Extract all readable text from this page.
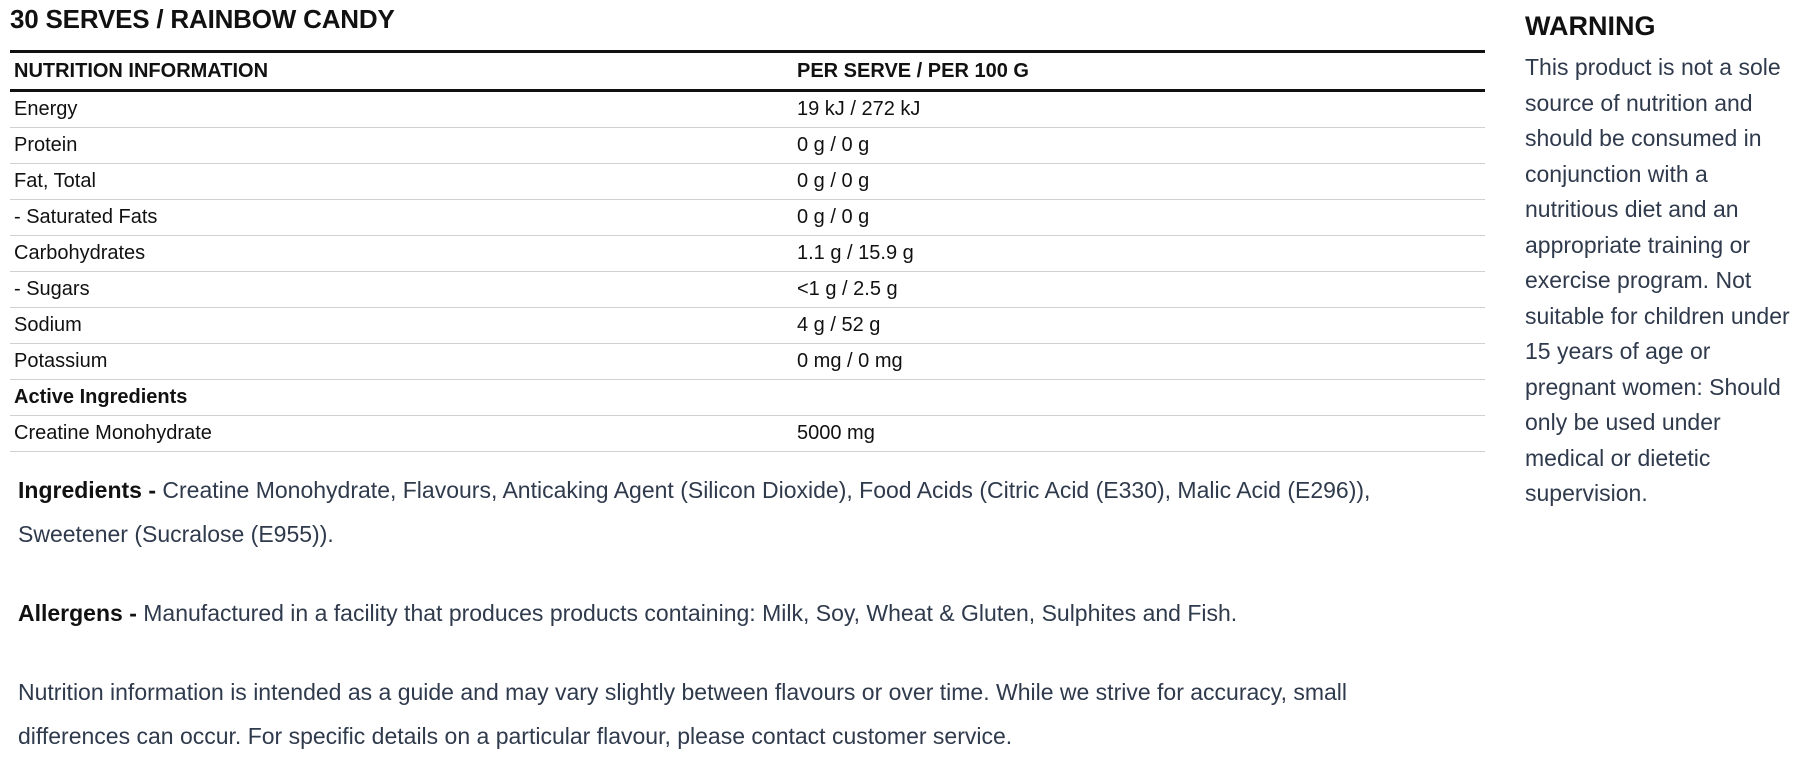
30 SERVES / RAINBOW CANDY
NUTRITION INFORMATION	PER SERVE / PER 100 G
Energy	19 kJ / 272 kJ
Protein	0 g / 0 g
Fat, Total	0 g / 0 g
- Saturated Fats	0 g / 0 g
Carbohydrates	1.1 g / 15.9 g
- Sugars	<1 g / 2.5 g
Sodium	4 g / 52 g
Potassium	0 mg / 0 mg
Active Ingredients	
Creatine Monohydrate	5000 mg
Ingredients - Creatine Monohydrate, Flavours, Anticaking Agent (Silicon Dioxide), Food Acids (Citric Acid (E330), Malic Acid (E296)), Sweetener (Sucralose (E955)).
Allergens - Manufactured in a facility that produces products containing: Milk, Soy, Wheat & Gluten, Sulphites and Fish.
Nutrition information is intended as a guide and may vary slightly between flavours or over time. While we strive for accuracy, small differences can occur. For specific details on a particular flavour, please contact customer service.
WARNING

This product is not a sole source of nutrition and should be consumed in conjunction with a nutritious diet and an appropriate training or exercise program. Not suitable for children under 15 years of age or pregnant women: Should only be used under medical or dietetic supervision.
